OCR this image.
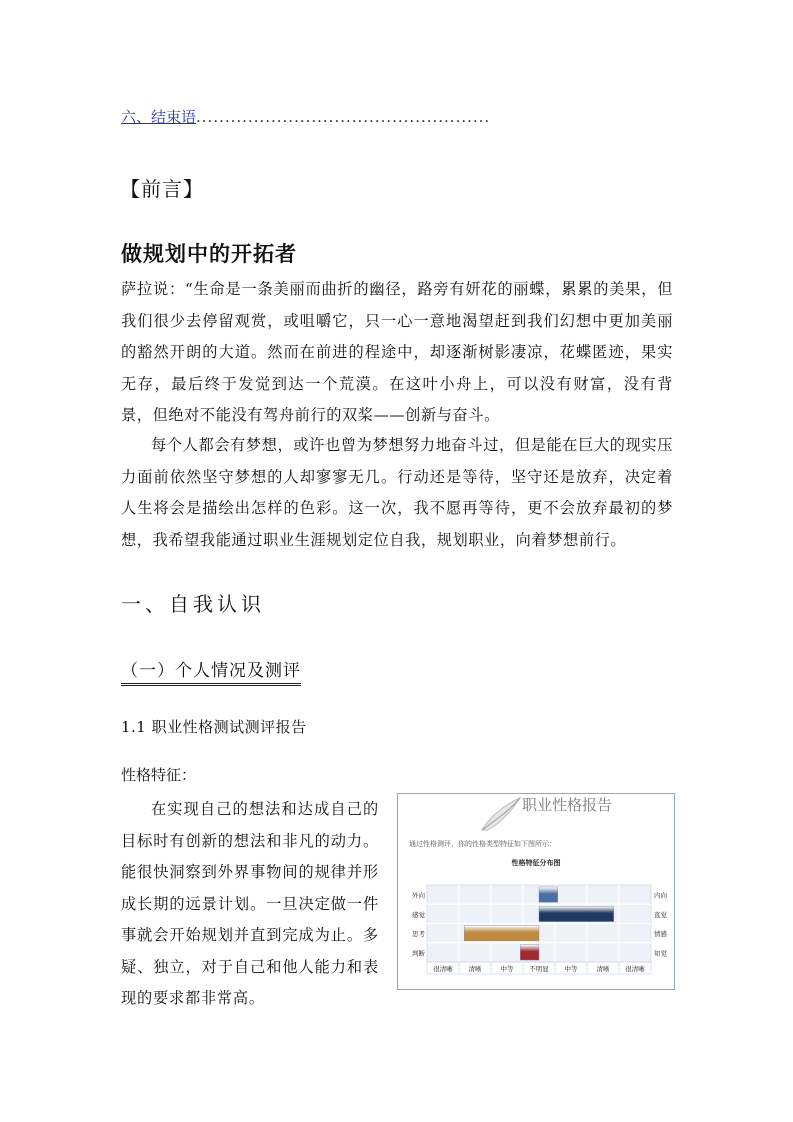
六、结束语...................................................
【前言】
做规划中的开拓者
萨拉说：“生命是一条美丽而曲折的幽径，路旁有妍花的丽蝶，累累的美果，但我们很少去停留观赏，或咀嚼它，只一心一意地渴望赶到我们幻想中更加美丽的豁然开朗的大道。然而在前进的程途中，却逐渐树影凄凉，花蝶匿迹，果实无存，最后终于发觉到达一个荒漠。在这叶小舟上，可以没有财富，没有背景，但绝对不能没有驾舟前行的双桨——创新与奋斗。
每个人都会有梦想，或许也曾为梦想努力地奋斗过，但是能在巨大的现实压力面前依然坚守梦想的人却寥寥无几。行动还是等待，坚守还是放弃，决定着人生将会是描绘出怎样的色彩。这一次，我不愿再等待，更不会放弃最初的梦想，我希望我能通过职业生涯规划定位自我，规划职业，向着梦想前行。
一、自我认识
（一）个人情况及测评
1.1 职业性格测试测评报告
性格特征：

在实现自己的想法和达成自己的目标时有创新的想法和非凡的动力。能很快洞察到外界事物间的规律并形成长期的远景计划。一旦决定做一件事就会开始规划并直到完成为止。多疑、独立，对于自己和他人能力和表现的要求都非常高。

外向	内向
感觉	直觉
思考	情感
判断	知觉
很清晰 清晰	中等 不明显 中等	清晰 很清晰
职业性格报告
通过性格测评，你的性格类型特征如下图所示：
性格特征分布图
